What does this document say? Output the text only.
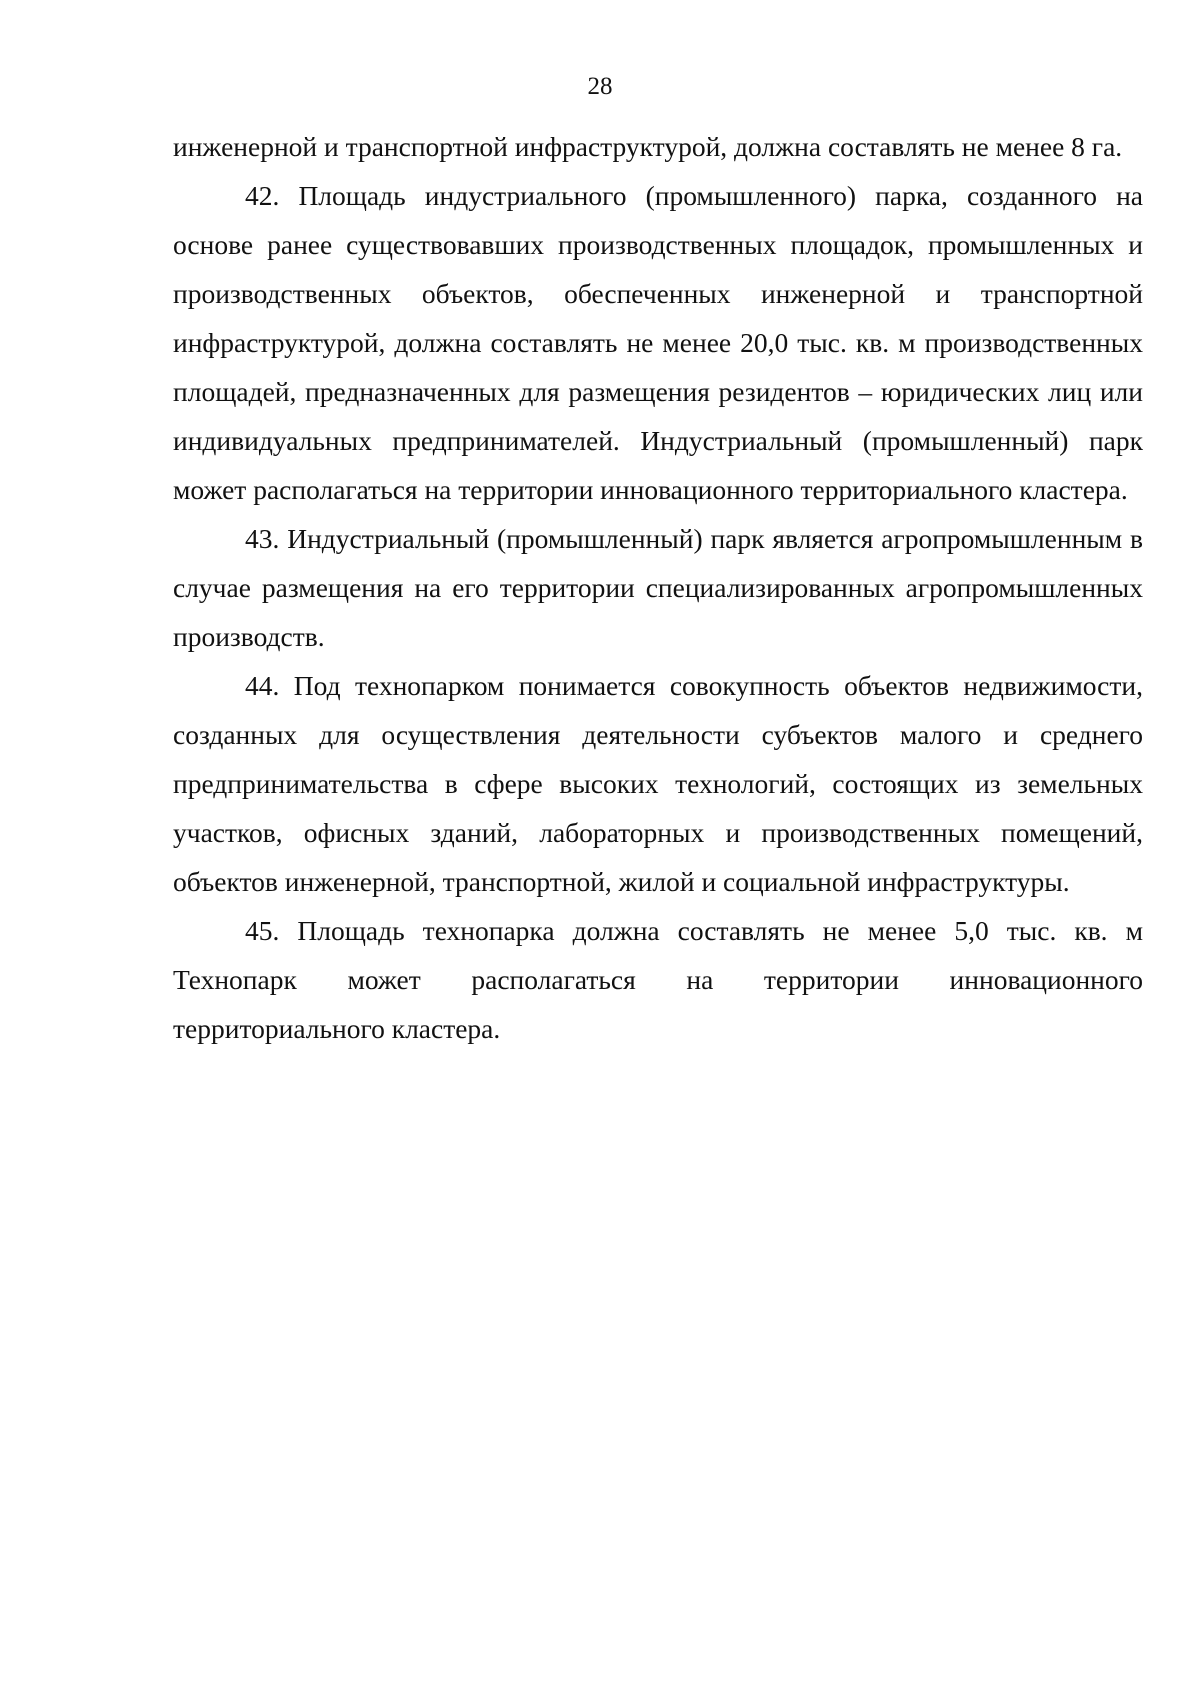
28

инженерной и транспортной инфраструктурой, должна составлять не менее 8 га.

42. Площадь индустриального (промышленного) парка, созданного на основе ранее существовавших производственных площадок, промышленных и производственных объектов, обеспеченных инженерной и транспортной инфраструктурой, должна составлять не менее 20,0 тыс. кв. м производственных площадей, предназначенных для размещения резидентов – юридических лиц или индивидуальных предпринимателей. Индустриальный (промышленный) парк может располагаться на территории инновационного территориального кластера.

43. Индустриальный (промышленный) парк является агропромышленным в случае размещения на его территории специализированных агропромышленных производств.

44. Под технопарком понимается совокупность объектов недвижимости, созданных для осуществления деятельности субъектов малого и среднего предпринимательства в сфере высоких технологий, состоящих из земельных участков, офисных зданий, лабораторных и производственных помещений, объектов инженерной, транспортной, жилой и социальной инфраструктуры.

45. Площадь технопарка должна составлять не менее 5,0 тыс. кв. м Технопарк может располагаться на территории инновационного территориального кластера.
